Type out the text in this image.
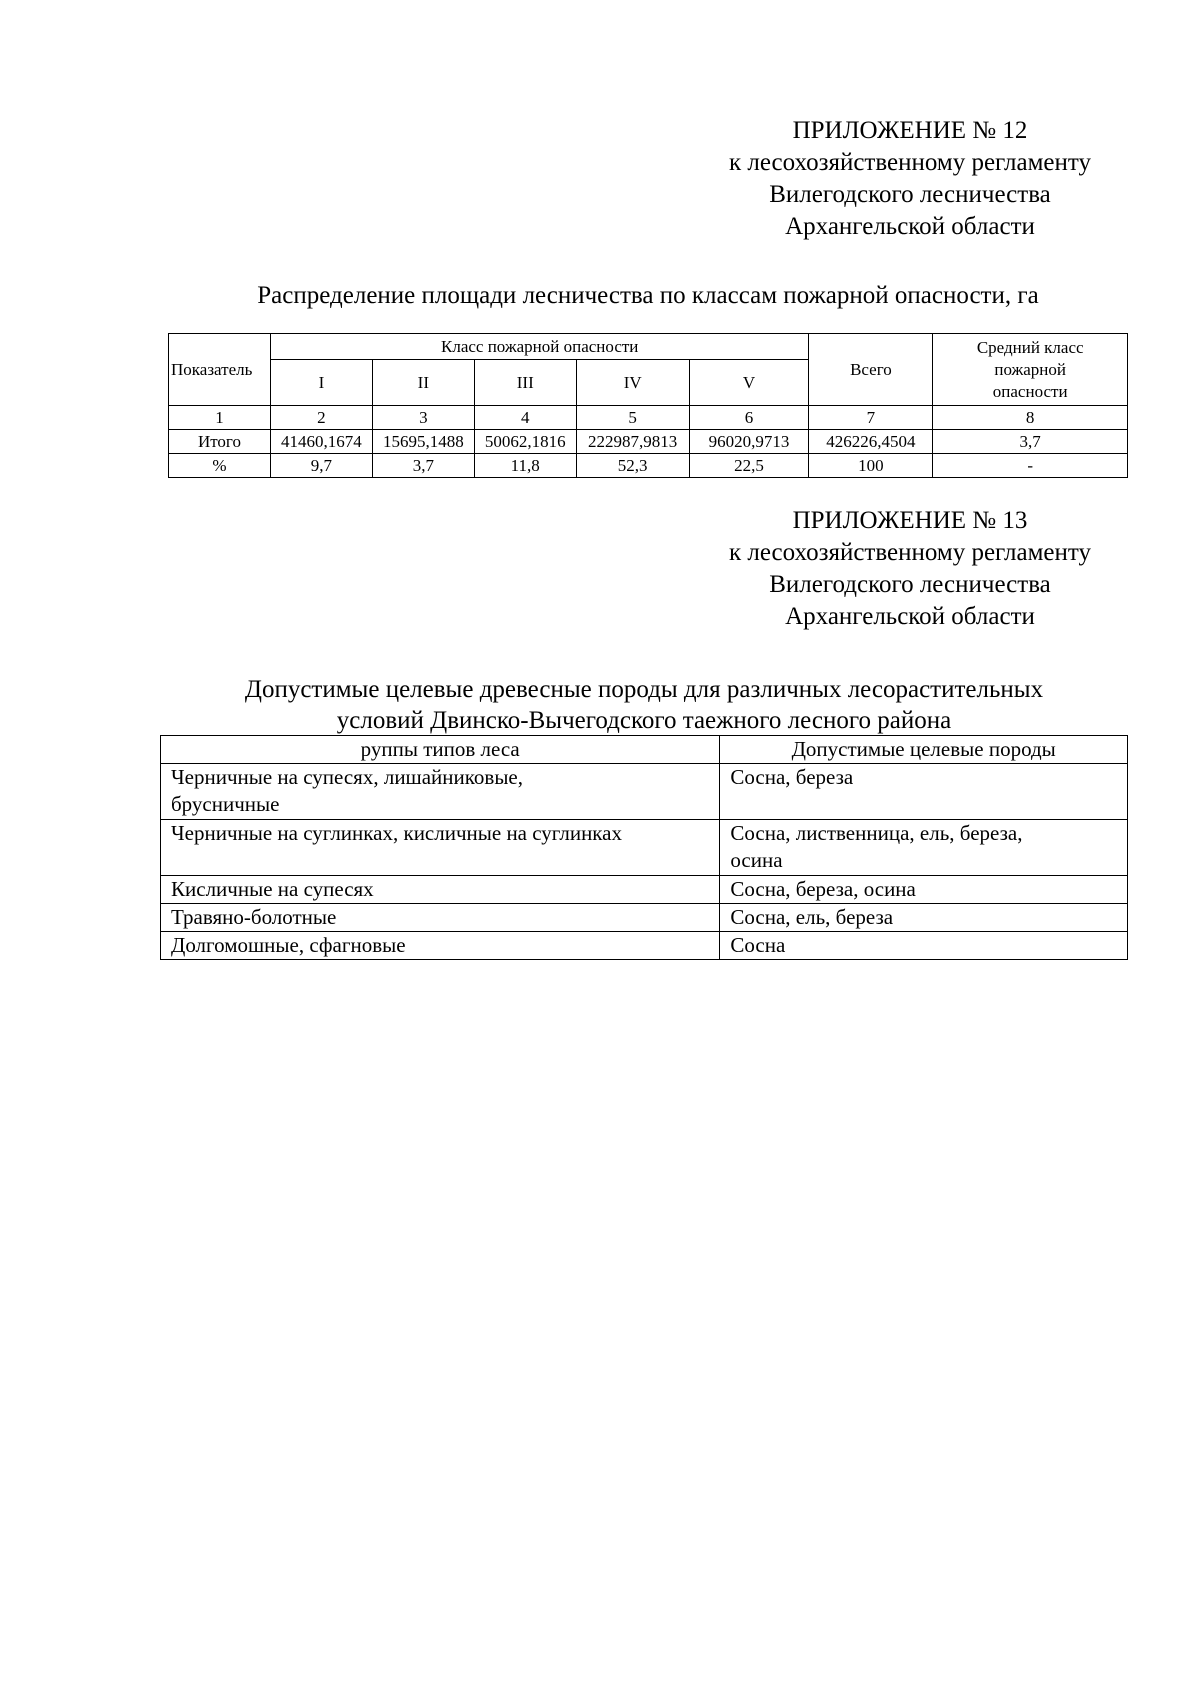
ПРИЛОЖЕНИЕ № 12
к лесохозяйственному регламенту
Вилегодского лесничества
Архангельской области
Распределение площади лесничества по классам пожарной опасности, га
Показатель	Класс пожарной опасности					Всего	Средний класс
пожарной
опасности

	I	II	III	IV	V		
1	2	3	4	5	6	7	8
Итого	41460,1674	15695,1488	50062,1816	222987,9813	96020,9713	426226,4504	3,7
%	9,7	3,7	11,8	52,3	22,5	100	-
ПРИЛОЖЕНИЕ № 13
к лесохозяйственному регламенту
Вилегодского лесничества
Архангельской области
Допустимые целевые древесные породы для различных лесорастительных
условий Двинско-Вычегодского таежного лесного района
руппы типов леса	Допустимые целевые породы

Черничные на супесях, лишайниковые,
брусничные	Сосна, береза

Черничные на суглинках, кисличные на суглинках	Сосна, лиственница, ель, береза,
осина

Кисличные на супесях	Сосна, береза, осина
Травяно-болотные	Сосна, ель, береза
Долгомошные, сфагновые	Сосна
